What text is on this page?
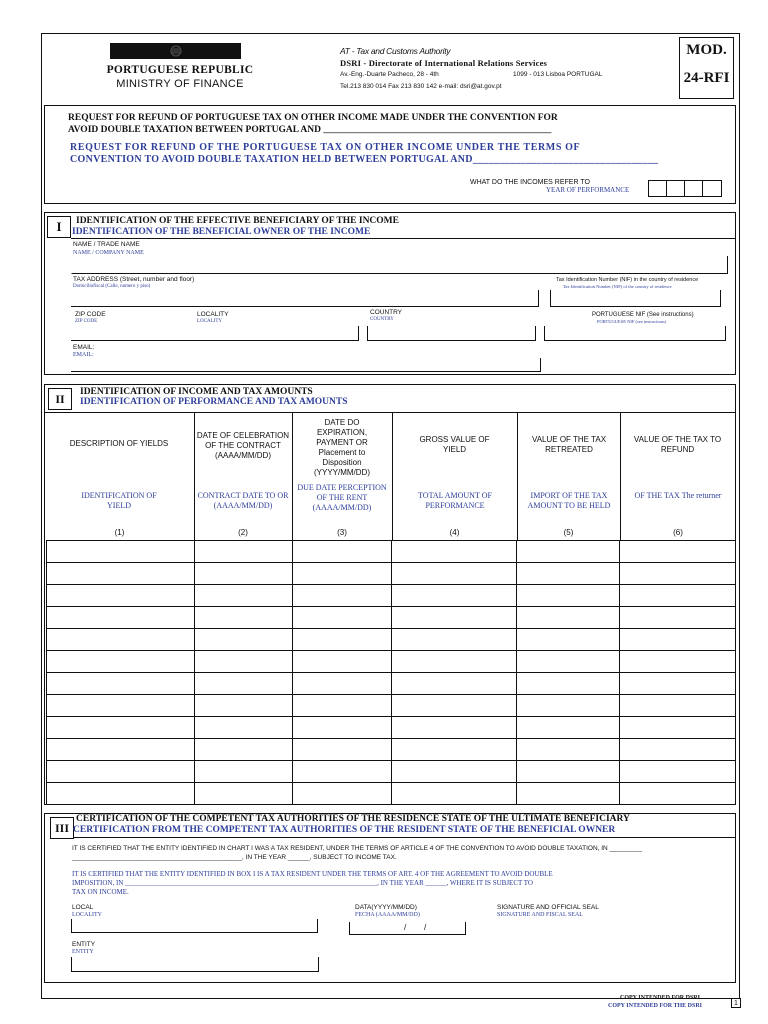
PORTUGUESE REPUBLIC
MINISTRY OF FINANCE
AT - Tax and Customs Authority
DSRI - Directorate of International Relations Services
Av.-Eng.-Duarte Pacheco, 28 - 4th	1099 - 013 Lisboa PORTUGAL
Tel.213 830 014 Fax 213 830 142 e-mail: dsri@at.gov.pt
MOD.
24-RFI
REQUEST FOR REFUND OF PORTUGUESE TAX ON OTHER INCOME MADE UNDER THE CONVENTION FOR
AVOID DOUBLE TAXATION BETWEEN PORTUGAL AND ________________________________________________
REQUEST FOR REFUND OF THE PORTUGUESE TAX ON OTHER INCOME UNDER THE TERMS OF
CONVENTION TO AVOID DOUBLE TAXATION HELD BETWEEN PORTUGAL AND___________________________________
WHAT DO THE INCOMES REFER TO
YEAR OF PERFORMANCE
I	IDENTIFICATION OF THE EFFECTIVE BENEFICIARY OF THE INCOME
IDENTIFICATION OF THE BENEFICIAL OWNER OF THE INCOME
NAME / TRADE NAME
NAME / COMPANY NAME
TAX ADDRESS (Street, number and floor)
Domiciliofiscal (Calle, numero y piso)
Tax Identification Number (NIF) in the country of residence
Tax Identification Number (NIF) of the country of residence
ZIP CODE
ZIP CODE
LOCALITY
LOCALITY
COUNTRY
COUNTRY
PORTUGUESE NIF (See instructions)
PORTUGUESE NIF (see instructions)
EMAIL:
EMAIL:
II	IDENTIFICATION OF INCOME AND TAX AMOUNTS
IDENTIFICATION OF PERFORMANCE AND TAX AMOUNTS
DESCRIPTION OF YIELDS
IDENTIFICATION OF YIELD
(1)
DATE OF CELEBRATION OF THE CONTRACT (AAAA/MM/DD)
CONTRACT DATE TO OR (AAAA/MM/DD)
(2)
DATE DO EXPIRATION, PAYMENT OR Placement to Disposition (YYYY/MM/DD)
DUE DATE PERCEPTION OF THE RENT (AAAA/MM/DD)
(3)
GROSS VALUE OF YIELD
TOTAL AMOUNT OF PERFORMANCE
(4)
VALUE OF THE TAX RETREATED
IMPORT OF THE TAX AMOUNT TO BE HELD
(5)
VALUE OF THE TAX TO REFUND
OF THE TAX The returner
(6)

III
CERTIFICATION OF THE COMPETENT TAX AUTHORITIES OF THE RESIDENCE STATE OF THE ULTIMATE BENEFICIARY
CERTIFICATION FROM THE COMPETENT TAX AUTHORITIES OF THE RESIDENT STATE OF THE BENEFICIAL OWNER
IT IS CERTIFIED THAT THE ENTITY IDENTIFIED IN CHART I WAS A TAX RESIDENT, UNDER THE TERMS OF ARTICLE 4 OF THE CONVENTION TO AVOID DOUBLE TAXATION, IN _________
_______________________________________________, IN THE YEAR ______, SUBJECT TO INCOME TAX.
IT IS CERTIFIED THAT THE ENTITY IDENTIFIED IN BOX I IS A TAX RESIDENT UNDER THE TERMS OF ART. 4 OF THE AGREEMENT TO AVOID DOUBLE
IMPOSITION, IN ________________________________________________________________________, IN THE YEAR ______, WHERE IT IS SUBJECT TO
TAX ON INCOME.
LOCAL
LOCALITY
DATA(YYYY/MM/DD)
FECHA (AAAA/MM/DD)
/        /
SIGNATURE AND OFFICIAL SEAL
SIGNATURE AND FISCAL SEAL
ENTITY
ENTITY
COPY INTENDED FOR DSRI
COPY INTENDED FOR THE DSRI	1
